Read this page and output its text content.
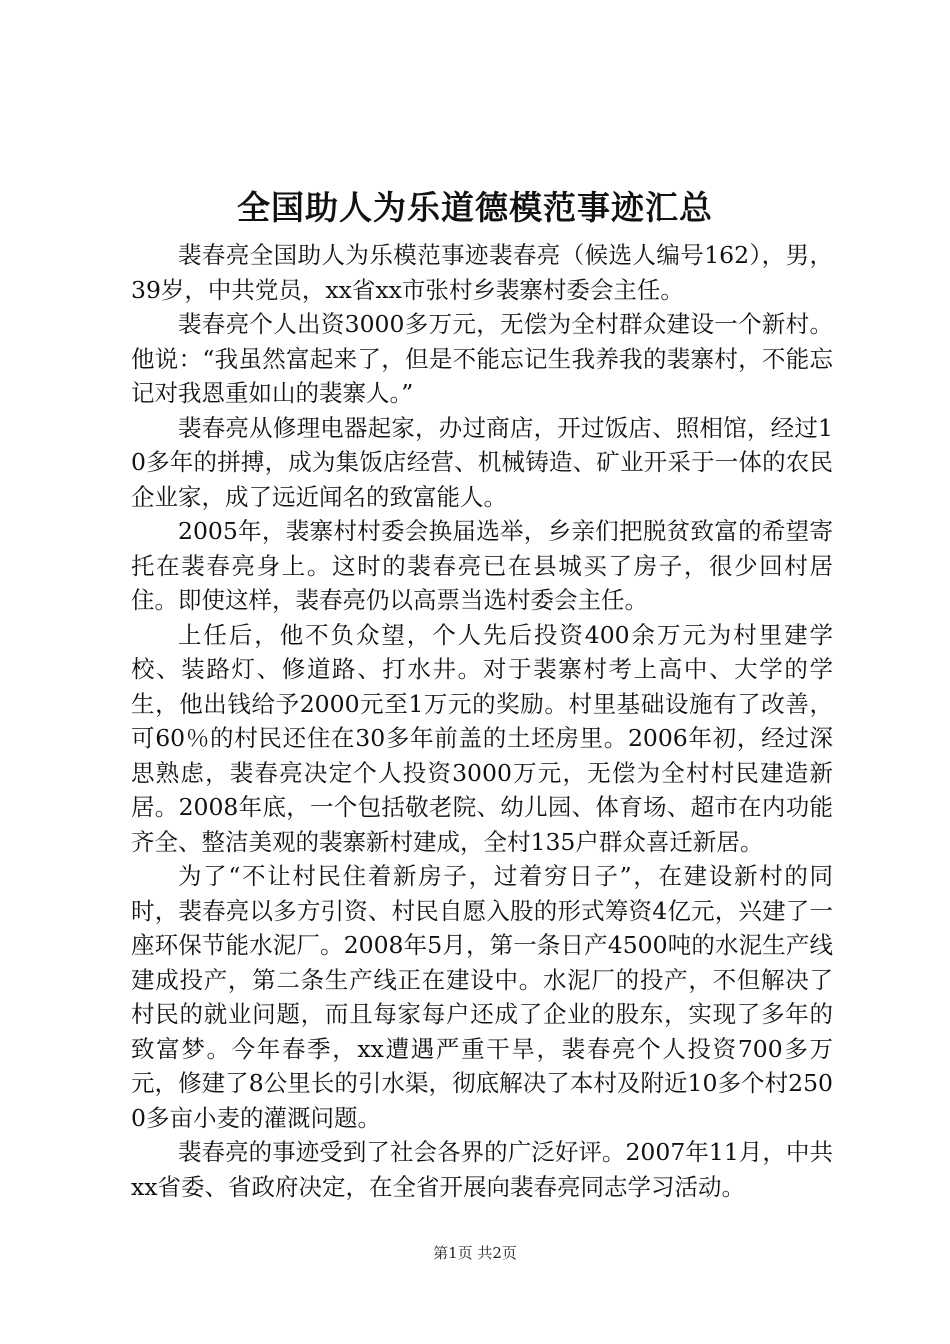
全国助人为乐道德模范事迹汇总

裴春亮全国助人为乐模范事迹裴春亮（候选人编号162），男，39岁，中共党员，xx省xx市张村乡裴寨村委会主任。

裴春亮个人出资3000多万元，无偿为全村群众建设一个新村。他说：“我虽然富起来了，但是不能忘记生我养我的裴寨村，不能忘记对我恩重如山的裴寨人。”

裴春亮从修理电器起家，办过商店，开过饭店、照相馆，经过10多年的拼搏，成为集饭店经营、机械铸造、矿业开采于一体的农民企业家，成了远近闻名的致富能人。

2005年，裴寨村村委会换届选举，乡亲们把脱贫致富的希望寄托在裴春亮身上。这时的裴春亮已在县城买了房子，很少回村居住。即使这样，裴春亮仍以高票当选村委会主任。

上任后，他不负众望，个人先后投资400余万元为村里建学校、装路灯、修道路、打水井。对于裴寨村考上高中、大学的学生，他出钱给予2000元至1万元的奖励。村里基础设施有了改善，可60％的村民还住在30多年前盖的土坯房里。2006年初，经过深思熟虑，裴春亮决定个人投资3000万元，无偿为全村村民建造新居。2008年底，一个包括敬老院、幼儿园、体育场、超市在内功能齐全、整洁美观的裴寨新村建成，全村135户群众喜迁新居。

为了“不让村民住着新房子，过着穷日子”，在建设新村的同时，裴春亮以多方引资、村民自愿入股的形式筹资4亿元，兴建了一座环保节能水泥厂。2008年5月，第一条日产4500吨的水泥生产线建成投产，第二条生产线正在建设中。水泥厂的投产，不但解决了村民的就业问题，而且每家每户还成了企业的股东，实现了多年的致富梦。今年春季，xx遭遇严重干旱，裴春亮个人投资700多万元，修建了8公里长的引水渠，彻底解决了本村及附近10多个村2500多亩小麦的灌溉问题。

裴春亮的事迹受到了社会各界的广泛好评。2007年11月，中共xx省委、省政府决定，在全省开展向裴春亮同志学习活动。

第1页 共2页
